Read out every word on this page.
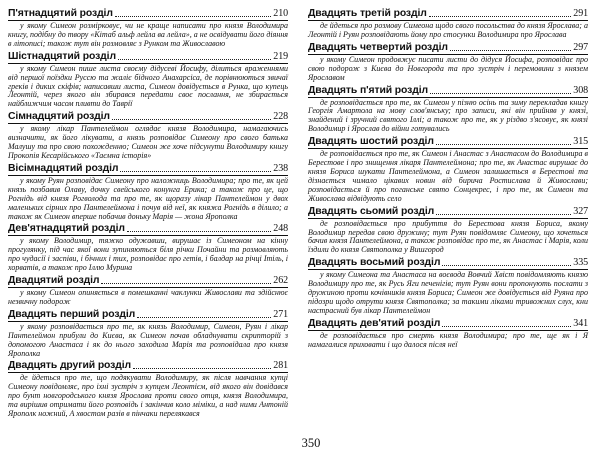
П'ятнадцятий розділ	210
у якому Симеон розмірковує, чи не краще написати про князя Володимира книгу, подібну до твору «Кітаб альф лейла ва лейла», а не освідувати його діяння в літописі; також тут він розмовляє з Рунком та Живославою
Шістнадцятий розділ	219
у якому Симеон пише листа своєму дідусеві Йосифу, ділиться враженнями від першої поїздки Руссю та жаліє бідного Анахарсіса, де порівнюються звичаї греків і диких скіфів; написавши листа, Симеон довідується в Рунка, що купець Леонтій, через якого він збирався передати своє послання, не збирається найближчим часом пливти до Таврії
Сімнадцятий розділ	228
у якому лікар Пантелеймон оглядає князя Володимира, намагаючись визначити, як його лікувати, а князь розповідає Симеону про свого батька Малушу та про свою похожденню; Симеон же хоче підсунути Володимиру книгу Прокопія Кесарійського «Таємна історія»
Вісімнадцятий розділ	238
у якому Руян розповідає Симеону про наложниць Володимира; про те, як цей князь позбавив Олаву, дочку свейського конунга Ерика; а також про це, що Рогнідь від князя Рогволода та про те, як щоразу лікар Пантелеймон у двох маленьких сірних про Пантелеймона і почув від неї, як княжа Рогнідь в ділило; а також як Симеон вперше побачив доньку Марія — жона Ярополка
Дев'ятнадцятий розділ	248
у якому Володимир, тяжко одужавши, вирушає із Симеоном на кінну прогулянку, під час якої вони зупиняються біля річки Почайни та розмовляють про чудасії і заспіви, і бічних і тих, розповідає про гетів, і балдар на річці Ітіль, і хорватів, а також про Іллю Мурина
Двадцятий розділ	262
у якому Симеон опиняється в помешканні чаклунки Живослави та здійснює незвичну подорож
Двадцять перший розділ	271
у якому розповідається про те, як князь Володимир, Симеон, Руян і лікар Пантелеймон прибули до Києва, як Симеон почав обладнувати скрипторій з допомогою Анастаса і як до нього заходила Марія та розповідала про князя Ярополка
Двадцять другий розділ	281
де йдеться про те, що подякувати Володимиру, як після навчання купці Симеону повідомляє, про іхні зустріч з купцем Леонтієм, від якого він довідався про бунт новгородського князя Ярослава проти свого отця, князя Володимира, та вирішив отримати його розповідь і закінчив коло міміки, а над ними Антоній Ярополк ножний, А хвостом разів в пінчаки перелякався
Двадцять третій розділ	291
де йдеться про розмову Симеона щодо свого посольства до князя Ярослава; а Леонтій і Руян розповідають йому про стосунки Володимира про Ярослава
Двадцять четвертий розділ	297
у якому Симеон продовжує писати листи до дідуся Йосифа, розповідає про свою подорож з Києва до Новгорода та про зустріч і перемовини з князем Ярославом
Двадцять п'ятий розділ	308
де розповідається про те, як Симеон у пізню осінь та зиму перекладав книгу Георгія Амартола на мову слов'янську; про записи, які він прийняв у князі, знайдений і зручний святого Іллі; а також про те, як у різдво з'ясовує, як князі Володимир і Ярослав до війни готувались
Двадцять шостий розділ	315
де розповідається про те, як Симеон і Анастас з Анастасом до Володимира в Берестове і про знищення лікаря Пантелеймона; про те, як Анастас вирушає до князя Бориса шукати Пантелеймона, а Симеон залишається в Берестові та дізнається чимало цікавих новин від бирича Ростислава й Живослави; розповідається й про поганське свято Сонцекрес, і про те, як Симеон та Живослава відвідують село
Двадцять сьомий розділ	327
де розповідається про прибуття до Берестова князя Бориса, якому Володимир передав свою дружину; тут Руян повідомляє Симеону, що хочеться бачив князя Пантелеймона, а також розповідає про те, як Анастас і Марія, коли їздили до князя Святополка у Вишгород
Двадцять восьмий розділ	335
у якому Симеона та Анастаса на воєвода Вовчий Хвіст повідомляють князю Володимиру про те, як Русь Яги печенігів; тут Руян вони пропонують послати з дружиною проти кочівників князя Бориса; Симеон же довідується від Руяна про підозри щодо отрути князя Святополка; за такими ліками тривожних слух, кни настрасний був лікар Пантелеймон
Двадцять дев'ятий розділ	341
де розповідається про смерть князя Володимира; про те, ще як і Я намагалися приховати і що далося після неї
350
